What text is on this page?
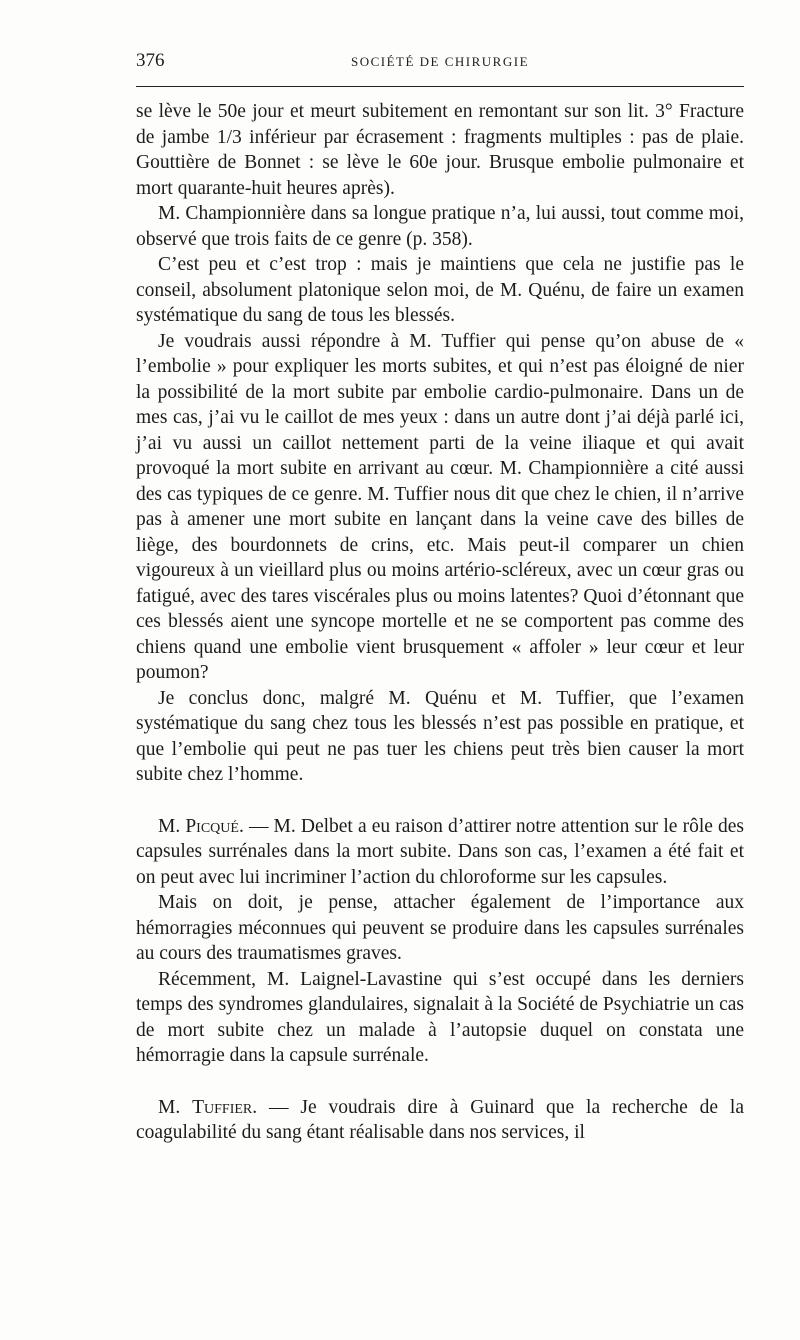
376	SOCIÉTÉ DE CHIRURGIE

se lève le 50e jour et meurt subitement en remontant sur son lit. 3° Fracture de jambe 1/3 inférieur par écrasement : fragments multiples : pas de plaie. Gouttière de Bonnet : se lève le 60e jour. Brusque embolie pulmonaire et mort quarante-huit heures après).

M. Championnière dans sa longue pratique n’a, lui aussi, tout comme moi, observé que trois faits de ce genre (p. 358).

C’est peu et c’est trop : mais je maintiens que cela ne justifie pas le conseil, absolument platonique selon moi, de M. Quénu, de faire un examen systématique du sang de tous les blessés.

Je voudrais aussi répondre à M. Tuffier qui pense qu’on abuse de « l’embolie » pour expliquer les morts subites, et qui n’est pas éloigné de nier la possibilité de la mort subite par embolie cardio-pulmonaire. Dans un de mes cas, j’ai vu le caillot de mes yeux : dans un autre dont j’ai déjà parlé ici, j’ai vu aussi un caillot nettement parti de la veine iliaque et qui avait provoqué la mort subite en arrivant au cœur. M. Championnière a cité aussi des cas typiques de ce genre. M. Tuffier nous dit que chez le chien, il n’arrive pas à amener une mort subite en lançant dans la veine cave des billes de liège, des bourdonnets de crins, etc. Mais peut-il comparer un chien vigoureux à un vieillard plus ou moins artério-scléreux, avec un cœur gras ou fatigué, avec des tares viscérales plus ou moins latentes? Quoi d’étonnant que ces blessés aient une syncope mortelle et ne se comportent pas comme des chiens quand une embolie vient brusquement « affoler » leur cœur et leur poumon?

Je conclus donc, malgré M. Quénu et M. Tuffier, que l’examen systématique du sang chez tous les blessés n’est pas possible en pratique, et que l’embolie qui peut ne pas tuer les chiens peut très bien causer la mort subite chez l’homme.

M. Picqué. — M. Delbet a eu raison d’attirer notre attention sur le rôle des capsules surrénales dans la mort subite. Dans son cas, l’examen a été fait et on peut avec lui incriminer l’action du chloroforme sur les capsules.

Mais on doit, je pense, attacher également de l’importance aux hémorragies méconnues qui peuvent se produire dans les capsules surrénales au cours des traumatismes graves.

Récemment, M. Laignel-Lavastine qui s’est occupé dans les derniers temps des syndromes glandulaires, signalait à la Société de Psychiatrie un cas de mort subite chez un malade à l’autopsie duquel on constata une hémorragie dans la capsule surrénale.

M. Tuffier. — Je voudrais dire à Guinard que la recherche de la coagulabilité du sang étant réalisable dans nos services, il
